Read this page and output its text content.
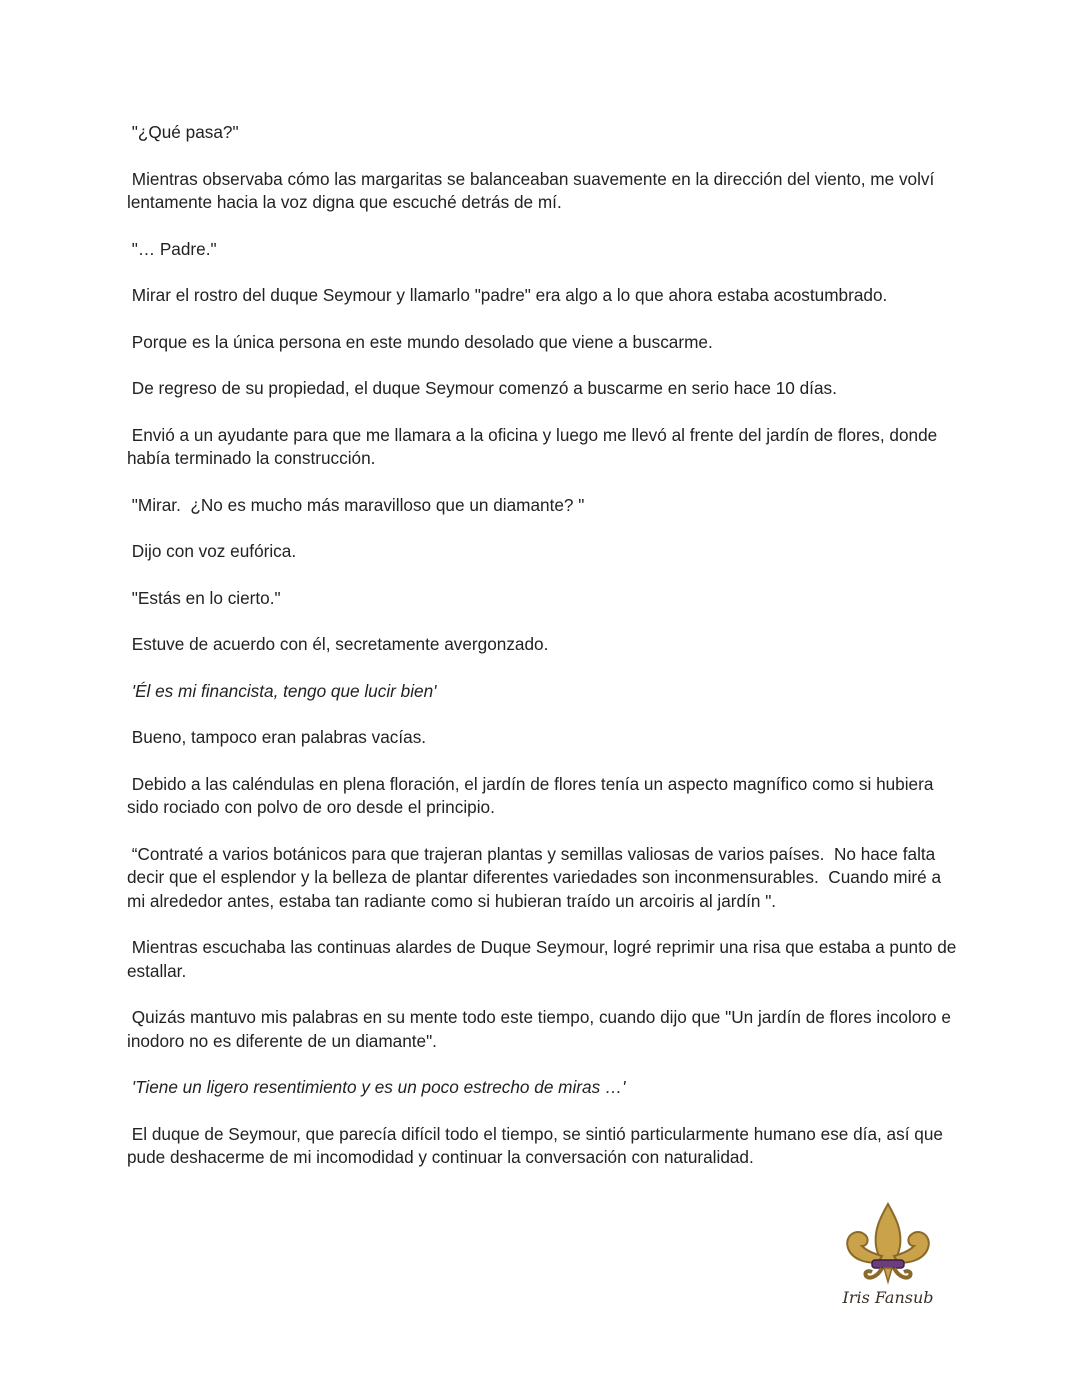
"¿Qué pasa?"

Mientras observaba cómo las margaritas se balanceaban suavemente en la dirección del viento, me volví lentamente hacia la voz digna que escuché detrás de mí.

"… Padre."

Mirar el rostro del duque Seymour y llamarlo "padre" era algo a lo que ahora estaba acostumbrado.

Porque es la única persona en este mundo desolado que viene a buscarme.

De regreso de su propiedad, el duque Seymour comenzó a buscarme en serio hace 10 días.

Envió a un ayudante para que me llamara a la oficina y luego me llevó al frente del jardín de flores, donde había terminado la construcción.

"Mirar.  ¿No es mucho más maravilloso que un diamante? "

Dijo con voz eufórica.

"Estás en lo cierto."

Estuve de acuerdo con él, secretamente avergonzado.

'Él es mi financista, tengo que lucir bien'

Bueno, tampoco eran palabras vacías.

Debido a las caléndulas en plena floración, el jardín de flores tenía un aspecto magnífico como si hubiera sido rociado con polvo de oro desde el principio.

“Contraté a varios botánicos para que trajeran plantas y semillas valiosas de varios países.  No hace falta decir que el esplendor y la belleza de plantar diferentes variedades son inconmensurables.  Cuando miré a mi alrededor antes, estaba tan radiante como si hubieran traído un arcoiris al jardín ".

Mientras escuchaba las continuas alardes de Duque Seymour, logré reprimir una risa que estaba a punto de estallar.

Quizás mantuvo mis palabras en su mente todo este tiempo, cuando dijo que "Un jardín de flores incoloro e inodoro no es diferente de un diamante".

'Tiene un ligero resentimiento y es un poco estrecho de miras …'

El duque de Seymour, que parecía difícil todo el tiempo, se sintió particularmente humano ese día, así que pude deshacerme de mi incomodidad y continuar la conversación con naturalidad.

Iris Fansub
